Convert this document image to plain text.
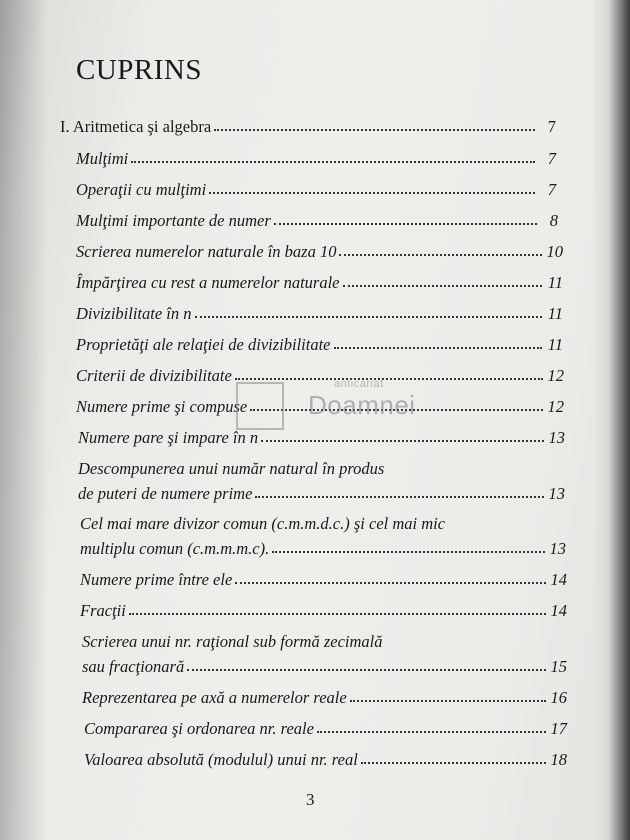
CUPRINS
I. Aritmetica şi algebra	7
Mulţimi	7
Operaţii cu mulţimi	7
Mulţimi importante de numer	8
Scrierea numerelor naturale în baza 10	10
Împărţirea cu rest a numerelor naturale	11
Divizibilitate în n	11
Proprietăţi ale relaţiei de divizibilitate	11
Criterii de divizibilitate	12
Numere prime şi compuse	12
Numere pare şi impare în n	13
Descompunerea unui număr natural în produs
de puteri de numere prime	13
Cel mai mare divizor comun (c.m.m.d.c.) şi cel mai mic
multiplu comun (c.m.m.m.c).	13
Numere prime între ele	14
Fracţii	14
Scrierea unui nr. raţional sub formă zecimală
sau fracţionară	15
Reprezentarea pe axă a numerelor reale	16
Compararea şi ordonarea nr. reale	17
Valoarea absolută (modulul) unui nr. real	18
anticariat
Doamnei
3
